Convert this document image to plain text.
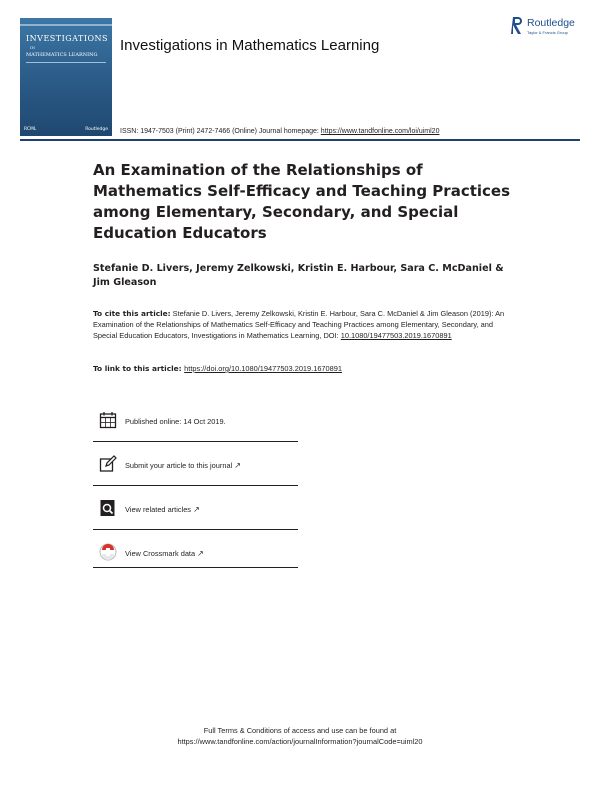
INVESTIGATIONS
IN
MATHEMATICS LEARNING
RCML	Routledge
Investigations in Mathematics Learning
Routledge
Taylor & Francis Group
ISSN: 1947-7503 (Print) 2472-7466 (Online) Journal homepage: https://www.tandfonline.com/loi/uiml20
An Examination of the Relationships of Mathematics Self-Efficacy and Teaching Practices among Elementary, Secondary, and Special Education Educators
Stefanie D. Livers, Jeremy Zelkowski, Kristin E. Harbour, Sara C. McDaniel & Jim Gleason
To cite this article: Stefanie D. Livers, Jeremy Zelkowski, Kristin E. Harbour, Sara C. McDaniel & Jim Gleason (2019): An Examination of the Relationships of Mathematics Self-Efficacy and Teaching Practices among Elementary, Secondary, and Special Education Educators, Investigations in Mathematics Learning, DOI: 10.1080/19477503.2019.1670891
To link to this article: https://doi.org/10.1080/19477503.2019.1670891
Published online: 14 Oct 2019.
Submit your article to this journal ↗
View related articles ↗
View Crossmark data ↗
Full Terms & Conditions of access and use can be found at
https://www.tandfonline.com/action/journalInformation?journalCode=uiml20
